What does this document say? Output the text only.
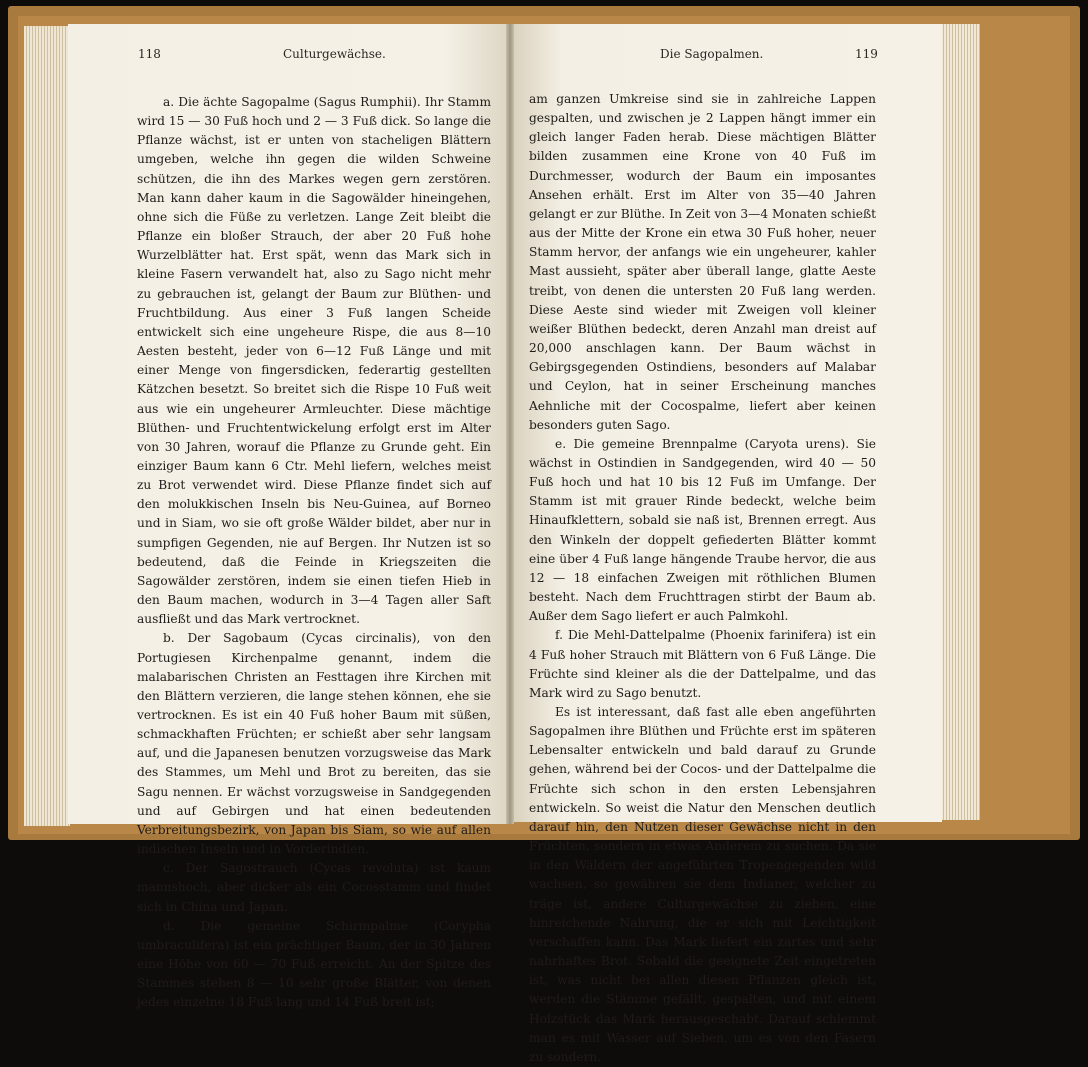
118	Culturgewächse.	Die Sagopalmen.	119

a. Die ächte Sagopalme (Sagus Rumphii). Ihr Stamm wird 15 — 30 Fuß hoch und 2 — 3 Fuß dick. So lange die Pflanze wächst, ist er unten von stacheligen Blättern umgeben, welche ihn gegen die wilden Schweine schützen, die ihn des Markes wegen gern zerstören. Man kann daher kaum in die Sagowälder hineingehen, ohne sich die Füße zu verletzen. Lange Zeit bleibt die Pflanze ein bloßer Strauch, der aber 20 Fuß hohe Wurzelblätter hat. Erst spät, wenn das Mark sich in kleine Fasern verwandelt hat, also zu Sago nicht mehr zu gebrauchen ist, gelangt der Baum zur Blüthen- und Fruchtbildung. Aus einer 3 Fuß langen Scheide entwickelt sich eine ungeheure Rispe, die aus 8—10 Aesten besteht, jeder von 6—12 Fuß Länge und mit einer Menge von fingersdicken, federartig gestellten Kätzchen besetzt. So breitet sich die Rispe 10 Fuß weit aus wie ein ungeheurer Armleuchter. Diese mächtige Blüthen- und Fruchtentwickelung erfolgt erst im Alter von 30 Jahren, worauf die Pflanze zu Grunde geht. Ein einziger Baum kann 6 Ctr. Mehl liefern, welches meist zu Brot verwendet wird. Diese Pflanze findet sich auf den molukkischen Inseln bis Neu-Guinea, auf Borneo und in Siam, wo sie oft große Wälder bildet, aber nur in sumpfigen Gegenden, nie auf Bergen. Ihr Nutzen ist so bedeutend, daß die Feinde in Kriegszeiten die Sagowälder zerstören, indem sie einen tiefen Hieb in den Baum machen, wodurch in 3—4 Tagen aller Saft ausfließt und das Mark vertrocknet.

b. Der Sagobaum (Cycas circinalis), von den Portugiesen Kirchenpalme genannt, indem die malabarischen Christen an Festtagen ihre Kirchen mit den Blättern verzieren, die lange stehen können, ehe sie vertrocknen. Es ist ein 40 Fuß hoher Baum mit süßen, schmackhaften Früchten; er schießt aber sehr langsam auf, und die Japanesen benutzen vorzugsweise das Mark des Stammes, um Mehl und Brot zu bereiten, das sie Sagu nennen. Er wächst vorzugsweise in Sandgegenden und auf Gebirgen und hat einen bedeutenden Verbreitungsbezirk, von Japan bis Siam, so wie auf allen indischen Inseln und in Vorderindien.

c. Der Sagostrauch (Cycas revoluta) ist kaum mannshoch, aber dicker als ein Cocosstamm und findet sich in China und Japan.

d. Die gemeine Schirmpalme (Corypha umbraculifera) ist ein prächtiger Baum, der in 30 Jahren eine Höhe von 60 — 70 Fuß erreicht. An der Spitze des Stammes stehen 8 — 10 sehr große Blätter, von denen jedes einzelne 18 Fuß lang und 14 Fuß breit ist;

am ganzen Umkreise sind sie in zahlreiche Lappen gespalten, und zwischen je 2 Lappen hängt immer ein gleich langer Faden herab. Diese mächtigen Blätter bilden zusammen eine Krone von 40 Fuß im Durchmesser, wodurch der Baum ein imposantes Ansehen erhält. Erst im Alter von 35—40 Jahren gelangt er zur Blüthe. In Zeit von 3—4 Monaten schießt aus der Mitte der Krone ein etwa 30 Fuß hoher, neuer Stamm hervor, der anfangs wie ein ungeheurer, kahler Mast aussieht, später aber überall lange, glatte Aeste treibt, von denen die untersten 20 Fuß lang werden. Diese Aeste sind wieder mit Zweigen voll kleiner weißer Blüthen bedeckt, deren Anzahl man dreist auf 20,000 anschlagen kann. Der Baum wächst in Gebirgsgegenden Ostindiens, besonders auf Malabar und Ceylon, hat in seiner Erscheinung manches Aehnliche mit der Cocospalme, liefert aber keinen besonders guten Sago.

e. Die gemeine Brennpalme (Caryota urens). Sie wächst in Ostindien in Sandgegenden, wird 40 — 50 Fuß hoch und hat 10 bis 12 Fuß im Umfange. Der Stamm ist mit grauer Rinde bedeckt, welche beim Hinaufklettern, sobald sie naß ist, Brennen erregt. Aus den Winkeln der doppelt gefiederten Blätter kommt eine über 4 Fuß lange hängende Traube hervor, die aus 12 — 18 einfachen Zweigen mit röthlichen Blumen besteht. Nach dem Fruchttragen stirbt der Baum ab. Außer dem Sago liefert er auch Palmkohl.

f. Die Mehl-Dattelpalme (Phoenix farinifera) ist ein 4 Fuß hoher Strauch mit Blättern von 6 Fuß Länge. Die Früchte sind kleiner als die der Dattelpalme, und das Mark wird zu Sago benutzt.

Es ist interessant, daß fast alle eben angeführten Sagopalmen ihre Blüthen und Früchte erst im späteren Lebensalter entwickeln und bald darauf zu Grunde gehen, während bei der Cocos- und der Dattelpalme die Früchte sich schon in den ersten Lebensjahren entwickeln. So weist die Natur den Menschen deutlich darauf hin, den Nutzen dieser Gewächse nicht in den Früchten, sondern in etwas Anderem zu suchen. Da sie in den Wäldern der angeführten Tropengegenden wild wachsen, so gewähren sie dem Indianer, welcher zu träge ist, andere Culturgewächse zu ziehen, eine hinreichende Nahrung, die er sich mit Leichtigkeit verschaffen kann. Das Mark liefert ein zartes und sehr nahrhaftes Brot. Sobald die geeignete Zeit eingetreten ist, was nicht bei allen diesen Pflanzen gleich ist, werden die Stämme gefällt, gespalten, und mit einem Holzstück das Mark herausgeschabt. Darauf schlemmt man es mit Wasser auf Sieben, um es von den Fasern zu sondern.
